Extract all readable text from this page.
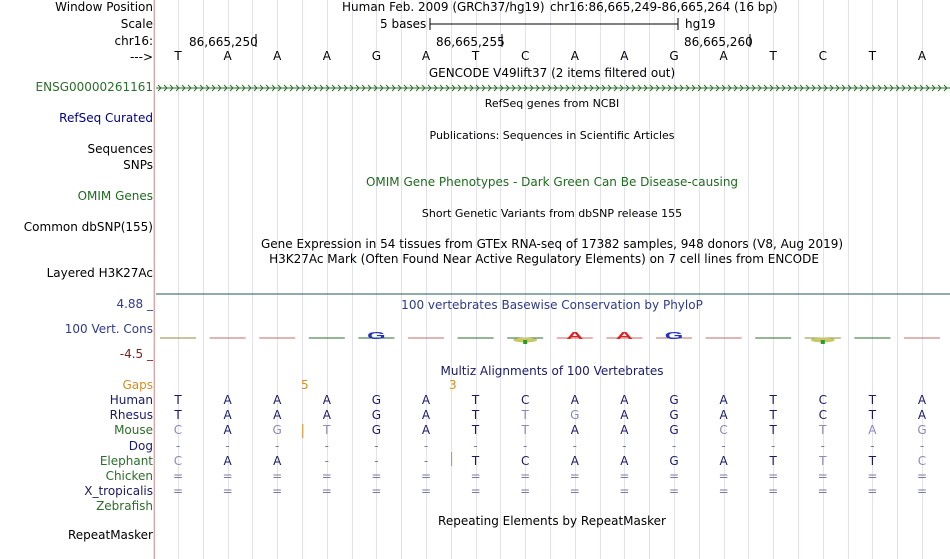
Window Position
Scale
chr16:
--->
Human Feb. 2009 (GRCh37/hg19) chr16:86,665,249-86,665,264 (16 bp)
5 bases	hg19
86,665,250	86,665,255	86,665,260
GENCODE V49lift37 (2 items filtered out)
ENSG00000261161
RefSeq genes from NCBI
RefSeq Curated
Publications: Sequences in Scientific Articles
Sequences
SNPs
OMIM Gene Phenotypes - Dark Green Can Be Disease-causing
OMIM Genes
Short Genetic Variants from dbSNP release 155
Common dbSNP(155)
Gene Expression in 54 tissues from GTEx RNA-seq of 17382 samples, 948 donors (V8, Aug 2019)
H3K27Ac Mark (Often Found Near Active Regulatory Elements) on 7 cell lines from ENCODE
Layered H3K27Ac
100 vertebrates Basewise Conservation by PhyloP
4.88 _
100 Vert. Cons
-4.5 _
Multiz Alignments of 100 Vertebrates
Gaps	5	3
Repeating Elements by RepeatMasker
RepeatMasker
G	A A G
T	A	A	A	G	A	T	C	A	A	G	A	T	C	T	A
Human T	A	A	A	G	A	T	C	A	A	G	A	T	C	T	A
Rhesus T	A	A	A	G	A	T	T	G	A	G	A	T	C	T	A
Mouse C	A	G	T	G	A	T	T	A	A	G	C	T	T	A	G
Dog -	-	-	-	-	-	-	-	-	-	-	-	-	-	-	-
Elephant C	A	A	-	-	-	T	C	A	A	G	A	T	T	T	C
Chicken =	=	=	=	=	=	=	=	=	=	=	=	=	=	=	=
X_tropicalis =	=	=	=	=	=	=	=	=	=	=	=	=	=	=	=
Zebrafish
